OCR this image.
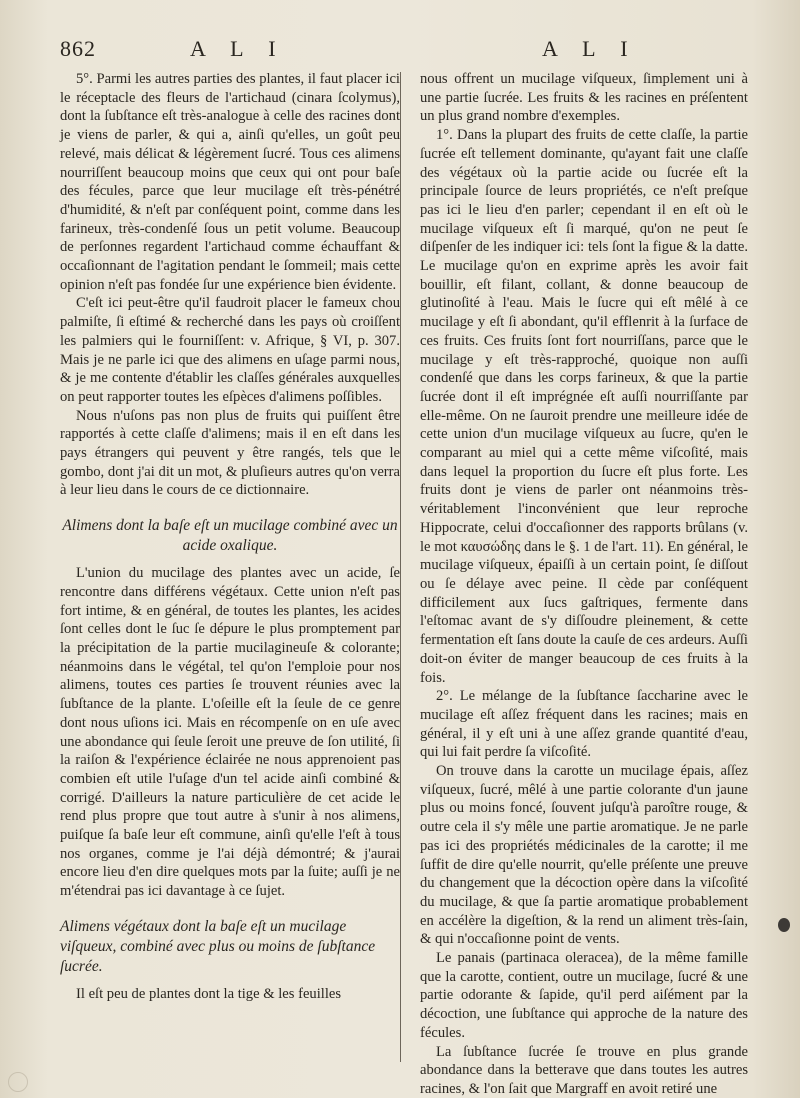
862	A L I	A L I

5°. Parmi les autres parties des plantes, il faut placer ici le réceptacle des fleurs de l'artichaud (cinara ſcolymus), dont la ſubſtance eſt très-analogue à celle des racines dont je viens de parler, & qui a, ainſi qu'elles, un goût peu relevé, mais délicat & légèrement ſucré. Tous ces alimens nourriſſent beaucoup moins que ceux qui ont pour baſe des fécules, parce que leur mucilage eſt très-pénétré d'humidité, & n'eſt par conſéquent point, comme dans les farineux, très-condenſé ſous un petit volume. Beaucoup de perſonnes regardent l'artichaud comme échauffant & occaſionnant de l'agitation pendant le ſommeil; mais cette opinion n'eſt pas fondée ſur une expérience bien évidente.

C'eſt ici peut-être qu'il faudroit placer le fameux chou palmiſte, ſi eſtimé & recherché dans les pays où croiſſent les palmiers qui le fourniſſent: v. Afrique, § VI, p. 307. Mais je ne parle ici que des alimens en uſage parmi nous, & je me contente d'établir les claſſes générales auxquelles on peut rapporter toutes les eſpèces d'alimens poſſibles.

Nous n'uſons pas non plus de fruits qui puiſſent être rapportés à cette claſſe d'alimens; mais il en eſt dans les pays étrangers qui peuvent y être rangés, tels que le gombo, dont j'ai dit un mot, & pluſieurs autres qu'on verra à leur lieu dans le cours de ce dictionnaire.

Alimens dont la baſe eſt un mucilage combiné avec un acide oxalique.

L'union du mucilage des plantes avec un acide, ſe rencontre dans différens végétaux. Cette union n'eſt pas fort intime, & en général, de toutes les plantes, les acides ſont celles dont le ſuc ſe dépure le plus promptement par la précipitation de la partie mucilagineuſe & colorante; néanmoins dans le végétal, tel qu'on l'emploie pour nos alimens, toutes ces parties ſe trouvent réunies avec la ſubſtance de la plante. L'oſeille eſt la ſeule de ce genre dont nous uſions ici. Mais en récompenſe on en uſe avec une abondance qui ſeule ſeroit une preuve de ſon utilité, ſi la raiſon & l'expérience éclairée ne nous apprenoient pas combien eſt utile l'uſage d'un tel acide ainſi combiné & corrigé. D'ailleurs la nature particulière de cet acide le rend plus propre que tout autre à s'unir à nos alimens, puiſque ſa baſe leur eſt commune, ainſi qu'elle l'eſt à tous nos organes, comme je l'ai déjà démontré; & j'aurai encore lieu d'en dire quelques mots par la ſuite; auſſi je ne m'étendrai pas ici davantage à ce ſujet.

Alimens végétaux dont la baſe eſt un mucilage viſqueux, combiné avec plus ou moins de ſubſtance ſucrée.

Il eſt peu de plantes dont la tige & les feuilles

nous offrent un mucilage viſqueux, ſimplement uni à une partie ſucrée. Les fruits & les racines en préſentent un plus grand nombre d'exemples.

1°. Dans la plupart des fruits de cette claſſe, la partie ſucrée eſt tellement dominante, qu'ayant fait une claſſe des végétaux où la partie acide ou ſucrée eſt la principale ſource de leurs propriétés, ce n'eſt preſque pas ici le lieu d'en parler; cependant il en eſt où le mucilage viſqueux eſt ſi marqué, qu'on ne peut ſe diſpenſer de les indiquer ici: tels ſont la figue & la datte. Le mucilage qu'on en exprime après les avoir fait bouillir, eſt filant, collant, & donne beaucoup de glutinoſité à l'eau. Mais le ſucre qui eſt mêlé à ce mucilage y eſt ſi abondant, qu'il efflenrit à la ſurface de ces fruits. Ces fruits ſont fort nourriſſans, parce que le mucilage y eſt très-rapproché, quoique non auſſi condenſé que dans les corps farineux, & que la partie ſucrée dont il eſt imprégnée eſt auſſi nourriſſante par elle-même. On ne ſauroit prendre une meilleure idée de cette union d'un mucilage viſqueux au ſucre, qu'en le comparant au miel qui a cette même viſcoſité, mais dans lequel la proportion du ſucre eſt plus forte. Les fruits dont je viens de parler ont néanmoins très-véritablement l'inconvénient que leur reproche Hippocrate, celui d'occaſionner des rapports brûlans (v. le mot καυσώδης dans le §. 1 de l'art. 11). En général, le mucilage viſqueux, épaiſſi à un certain point, ſe diſſout ou ſe délaye avec peine. Il cède par conſéquent difficilement aux ſucs gaſtriques, fermente dans l'eſtomac avant de s'y diſſoudre pleinement, & cette fermentation eſt ſans doute la cauſe de ces ardeurs. Auſſi doit-on éviter de manger beaucoup de ces fruits à la fois.

2°. Le mélange de la ſubſtance ſaccharine avec le mucilage eſt aſſez fréquent dans les racines; mais en général, il y eſt uni à une aſſez grande quantité d'eau, qui lui fait perdre ſa viſcoſité.

On trouve dans la carotte un mucilage épais, aſſez viſqueux, ſucré, mêlé à une partie colorante d'un jaune plus ou moins foncé, ſouvent juſqu'à paroître rouge, & outre cela il s'y mêle une partie aromatique. Je ne parle pas ici des propriétés médicinales de la carotte; il me ſuffit de dire qu'elle nourrit, qu'elle préſente une preuve du changement que la décoction opère dans la viſcoſité du mucilage, & que ſa partie aromatique probablement en accélère la digeſtion, & la rend un aliment très-ſain, & qui n'occaſionne point de vents.

Le panais (partinaca oleracea), de la même famille que la carotte, contient, outre un mucilage, ſucré & une partie odorante & ſapide, qu'il perd aiſément par la décoction, une ſubſtance qui approche de la nature des fécules.

La ſubſtance ſucrée ſe trouve en plus grande abondance dans la betterave que dans toutes les autres racines, & l'on ſait que Margraff en avoit retiré une
